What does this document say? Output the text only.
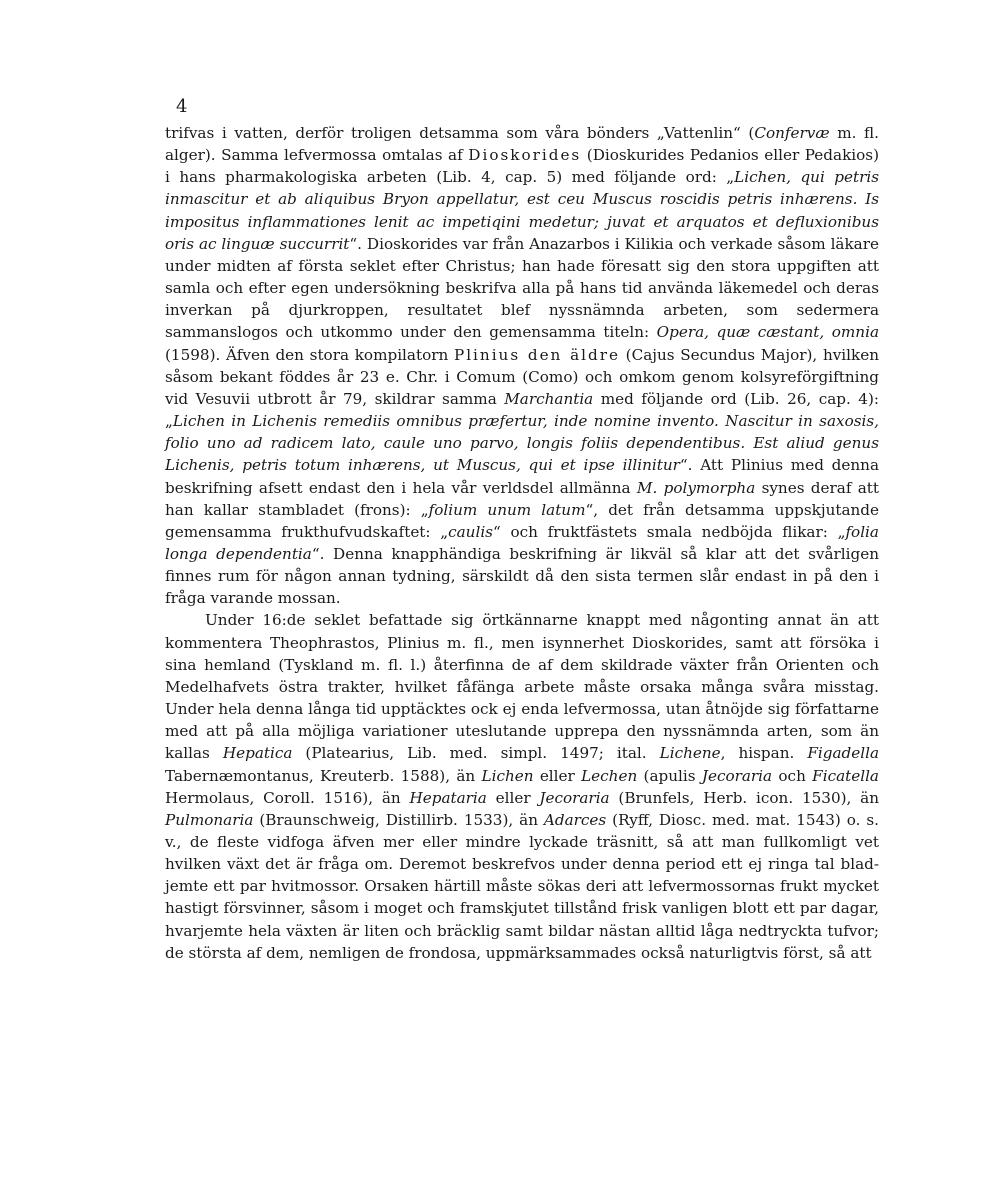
4

trifvas i vatten, derför troligen detsamma som våra bönders „Vattenlin“ (Confervæ m. fl. alger). Samma lefvermossa omtalas af Dioskorides (Dioskurides Pedanios eller Pedakios) i hans pharmakologiska arbeten (Lib. 4, cap. 5) med följande ord: „Lichen, qui petris inmascitur et ab aliquibus Bryon appellatur, est ceu Muscus roscidis petris inhærens. Is impositus inflammationes lenit ac impetiqini medetur; juvat et arquatos et defluxionibus oris ac linguæ succurrit“. Dioskorides var från Anazarbos i Kilikia och verkade såsom läkare under midten af första seklet efter Christus; han hade föresatt sig den stora uppgiften att samla och efter egen undersökning beskrifva alla på hans tid använda läkemedel och deras inverkan på djurkroppen, resultatet blef nyssnämnda arbeten, som sedermera sammanslogos och utkommo under den gemensamma titeln: Opera, quæ cæstant, omnia (1598). Äfven den stora kompilatorn Plinius den äldre (Cajus Secundus Major), hvilken såsom bekant föddes år 23 e. Chr. i Comum (Como) och omkom genom kolsyreförgiftning vid Vesuvii utbrott år 79, skildrar samma Marchantia med följande ord (Lib. 26, cap. 4): „Lichen in Lichenis remediis omnibus præfertur, inde nomine invento. Nascitur in saxosis, folio uno ad radicem lato, caule uno parvo, longis foliis dependentibus. Est aliud genus Lichenis, petris totum inhærens, ut Muscus, qui et ipse illinitur“. Att Plinius med denna beskrifning afsett endast den i hela vår verldsdel allmänna M. polymorpha synes deraf att han kallar stambladet (frons): „folium unum latum“, det från detsamma uppskjutande gemensamma frukthufvudskaftet: „caulis“ och fruktfästets smala nedböjda flikar: „folia longa dependentia“. Denna knapphändiga beskrifning är likväl så klar att det svårligen finnes rum för någon annan tydning, särskildt då den sista termen slår endast in på den i fråga varande mossan.

Under 16:de seklet befattade sig örtkännarne knappt med någonting annat än att kommentera Theophrastos, Plinius m. fl., men isynnerhet Dioskorides, samt att försöka i sina hemland (Tyskland m. fl. l.) återfinna de af dem skildrade växter från Orienten och Medelhafvets östra trakter, hvilket fåfänga arbete måste orsaka många svåra misstag. Under hela denna långa tid upptäcktes ock ej enda lefvermossa, utan åtnöjde sig författarne med att på alla möjliga variationer uteslutande upprepa den nyssnämnda arten, som än kallas Hepatica (Platearius, Lib. med. simpl. 1497; ital. Lichene, hispan. Figadella Tabernæmontanus, Kreuterb. 1588), än Lichen eller Lechen (apulis Jecoraria och Ficatella Hermolaus, Coroll. 1516), än Hepataria eller Jecoraria (Brunfels, Herb. icon. 1530), än Pulmonaria (Braunschweig, Distillirb. 1533), än Adarces (Ryff, Diosc. med. mat. 1543) o. s. v., de fleste vidfoga äfven mer eller mindre lyckade träsnitt, så att man fullkomligt vet hvilken växt det är fråga om. Deremot beskrefvos under denna period ett ej ringa tal blad- jemte ett par hvitmossor. Orsaken härtill måste sökas deri att lefvermossornas frukt mycket hastigt försvinner, såsom i moget och framskjutet tillstånd frisk vanligen blott ett par dagar, hvarjemte hela växten är liten och bräcklig samt bildar nästan alltid låga nedtryckta tufvor; de största af dem, nemligen de frondosa, uppmärksammades också naturligtvis först, så att
